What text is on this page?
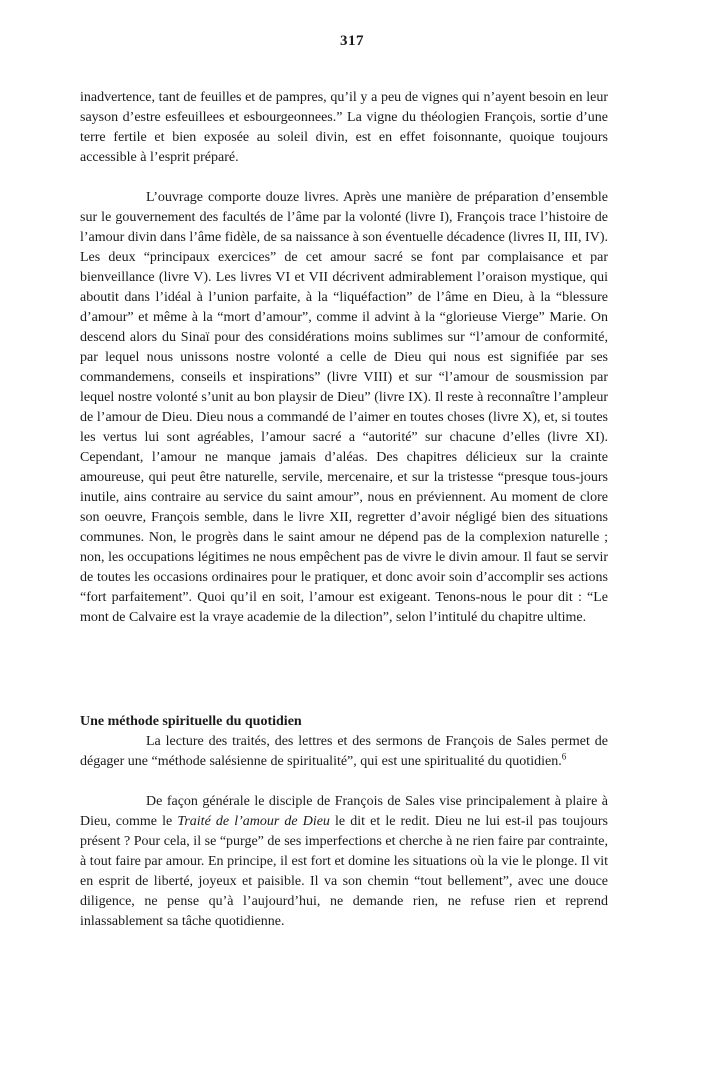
317

inadvertence, tant de feuilles et de pampres, qu’il y a peu de vignes qui n’ayent besoin en leur sayson d’estre esfeuillees et esbourgeonnees.” La vigne du théologien François, sortie d’une terre fertile et bien exposée au soleil divin, est en effet foisonnante, quoique toujours accessible à l’esprit préparé.

L’ouvrage comporte douze livres. Après une manière de préparation d’ensemble sur le gouvernement des facultés de l’âme par la volonté (livre I), François trace l’histoire de l’amour divin dans l’âme fidèle, de sa naissance à son éventuelle décadence (livres II, III, IV). Les deux “principaux exercices” de cet amour sacré se font par complaisance et par bienveillance (livre V). Les livres VI et VII décrivent admirablement l’oraison mystique, qui aboutit dans l’idéal à l’union parfaite, à la “liquéfaction” de l’âme en Dieu, à la “blessure d’amour” et même à la “mort d’amour”, comme il advint à la “glorieuse Vierge” Marie. On descend alors du Sinaï pour des considérations moins sublimes sur “l’amour de conformité, par lequel nous unissons nostre volonté a celle de Dieu qui nous est signifiée par ses commandemens, conseils et inspirations” (livre VIII) et sur “l’amour de sousmission par lequel nostre volonté s’unit au bon playsir de Dieu” (livre IX). Il reste à reconnaître l’ampleur de l’amour de Dieu. Dieu nous a commandé de l’aimer en toutes choses (livre X), et, si toutes les vertus lui sont agréables, l’amour sacré a “autorité” sur chacune d’elles (livre XI). Cependant, l’amour ne manque jamais d’aléas. Des chapitres délicieux sur la crainte amoureuse, qui peut être naturelle, servile, mercenaire, et sur la tristesse “presque tous-jours inutile, ains contraire au service du saint amour”, nous en préviennent. Au moment de clore son oeuvre, François semble, dans le livre XII, regretter d’avoir négligé bien des situations communes. Non, le progrès dans le saint amour ne dépend pas de la complexion naturelle ; non, les occupations légitimes ne nous empêchent pas de vivre le divin amour. Il faut se servir de toutes les occasions ordinaires pour le pratiquer, et donc avoir soin d’accomplir ses actions “fort parfaitement”. Quoi qu’il en soit, l’amour est exigeant. Tenons-nous le pour dit : “Le mont de Calvaire est la vraye academie de la dilection”, selon l’intitulé du chapitre ultime.

Une méthode spirituelle du quotidien

La lecture des traités, des lettres et des sermons de François de Sales permet de dégager une “méthode salésienne de spiritualité”, qui est une spiritualité du quotidien.$^6$

De façon générale le disciple de François de Sales vise principalement à plaire à Dieu, comme le Traité de l’amour de Dieu le dit et le redit. Dieu ne lui est-il pas toujours présent ? Pour cela, il se “purge” de ses imperfections et cherche à ne rien faire par contrainte, à tout faire par amour. En principe, il est fort et domine les situations où la vie le plonge. Il vit en esprit de liberté, joyeux et paisible. Il va son chemin “tout bellement”, avec une douce diligence, ne pense qu’à l’aujourd’hui, ne demande rien, ne refuse rien et reprend inlassablement sa tâche quotidienne.
